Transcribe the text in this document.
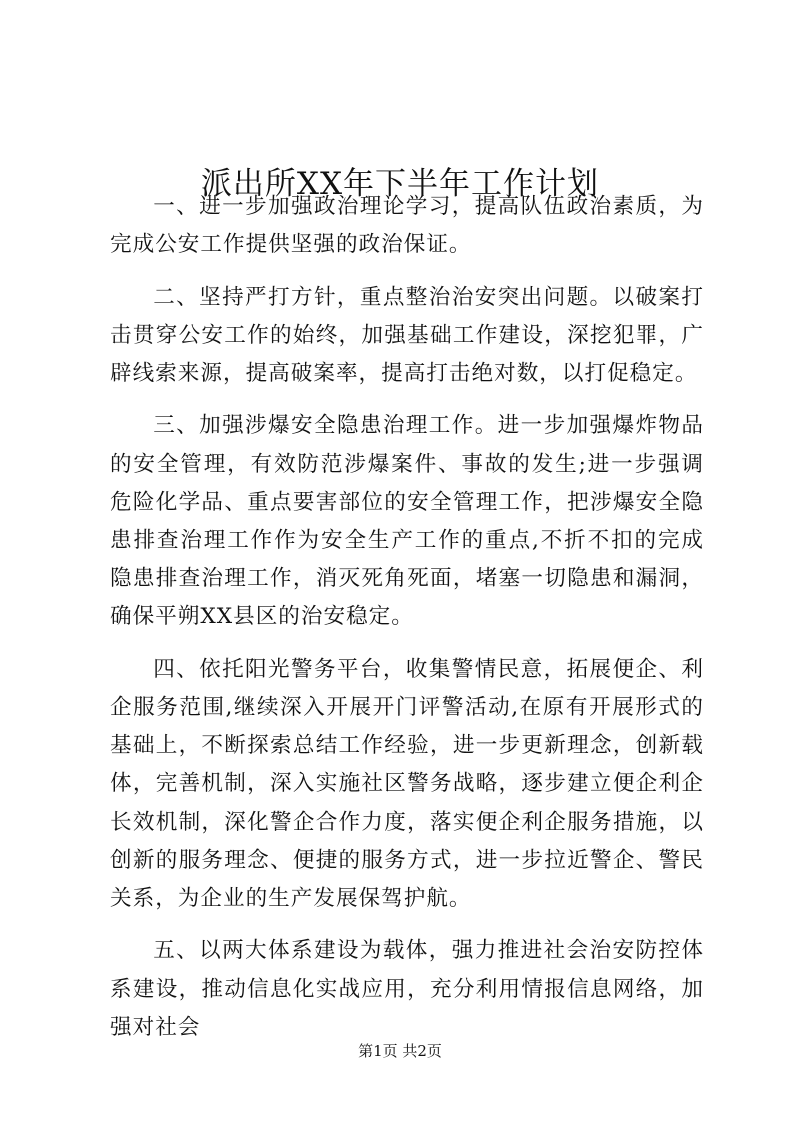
派出所XX年下半年工作计划

一、进一步加强政治理论学习，提高队伍政治素质，为完成公安工作提供坚强的政治保证。

二、坚持严打方针，重点整治治安突出问题。以破案打击贯穿公安工作的始终，加强基础工作建设，深挖犯罪，广辟线索来源，提高破案率，提高打击绝对数，以打促稳定。

三、加强涉爆安全隐患治理工作。进一步加强爆炸物品的安全管理，有效防范涉爆案件、事故的发生;进一步强调危险化学品、重点要害部位的安全管理工作，把涉爆安全隐患排查治理工作作为安全生产工作的重点,不折不扣的完成隐患排查治理工作，消灭死角死面，堵塞一切隐患和漏洞，确保平朔XX县区的治安稳定。

四、依托阳光警务平台，收集警情民意，拓展便企、利企服务范围,继续深入开展开门评警活动,在原有开展形式的基础上，不断探索总结工作经验，进一步更新理念，创新载体，完善机制，深入实施社区警务战略，逐步建立便企利企长效机制，深化警企合作力度，落实便企利企服务措施，以创新的服务理念、便捷的服务方式，进一步拉近警企、警民关系，为企业的生产发展保驾护航。

五、以两大体系建设为载体，强力推进社会治安防控体系建设，推动信息化实战应用，充分利用情报信息网络，加强对社会

第1页 共2页
